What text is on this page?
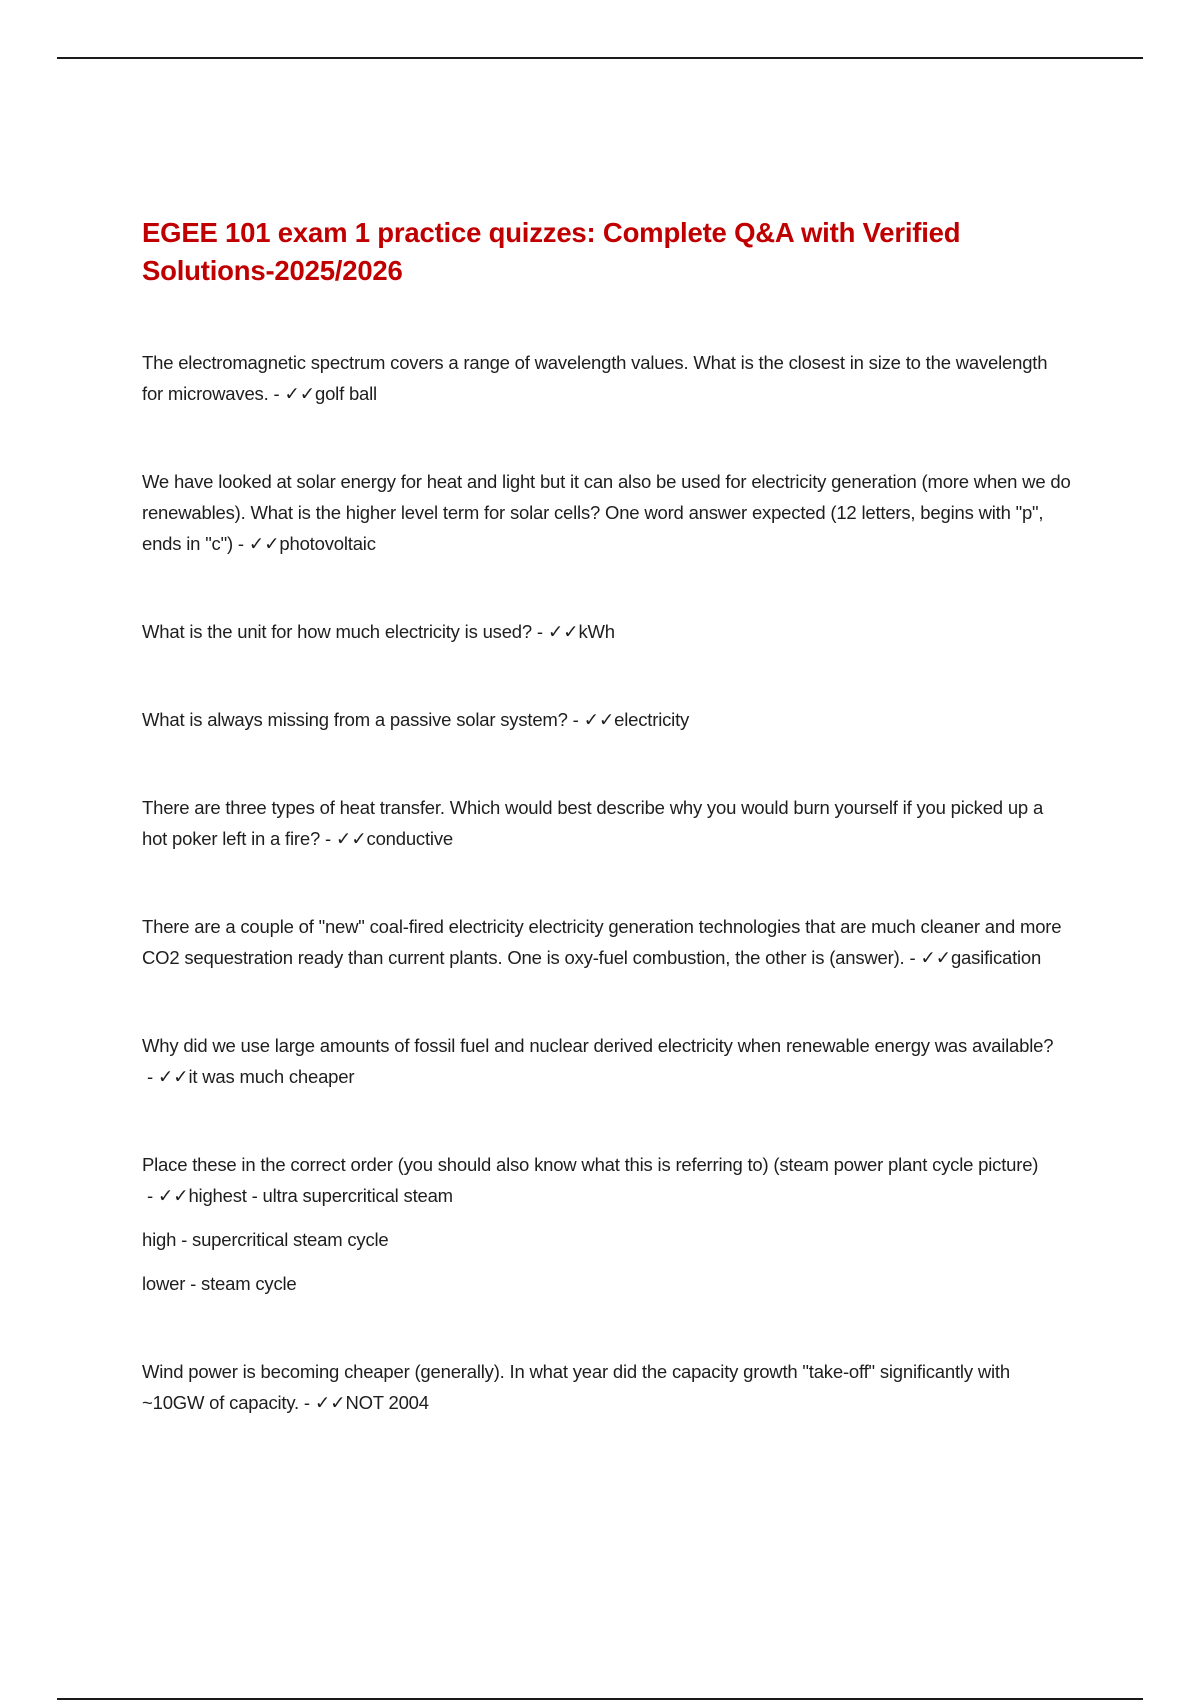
EGEE 101 exam 1 practice quizzes: Complete Q&A with Verified Solutions-2025/2026

The electromagnetic spectrum covers a range of wavelength values. What is the closest in size to the wavelength for microwaves. - ✓✓golf ball

We have looked at solar energy for heat and light but it can also be used for electricity generation (more when we do renewables). What is the higher level term for solar cells? One word answer expected (12 letters, begins with "p", ends in "c") - ✓✓photovoltaic

What is the unit for how much electricity is used? - ✓✓kWh

What is always missing from a passive solar system? - ✓✓electricity

There are three types of heat transfer. Which would best describe why you would burn yourself if you picked up a hot poker left in a fire? - ✓✓conductive

There are a couple of "new" coal-fired electricity electricity generation technologies that are much cleaner and more CO2 sequestration ready than current plants. One is oxy-fuel combustion, the other is (answer). - ✓✓gasification

Why did we use large amounts of fossil fuel and nuclear derived electricity when renewable energy was available? - ✓✓it was much cheaper

Place these in the correct order (you should also know what this is referring to) (steam power plant cycle picture) - ✓✓highest - ultra supercritical steam

high - supercritical steam cycle

lower - steam cycle

Wind power is becoming cheaper (generally). In what year did the capacity growth "take-off" significantly with ~10GW of capacity. - ✓✓NOT 2004
